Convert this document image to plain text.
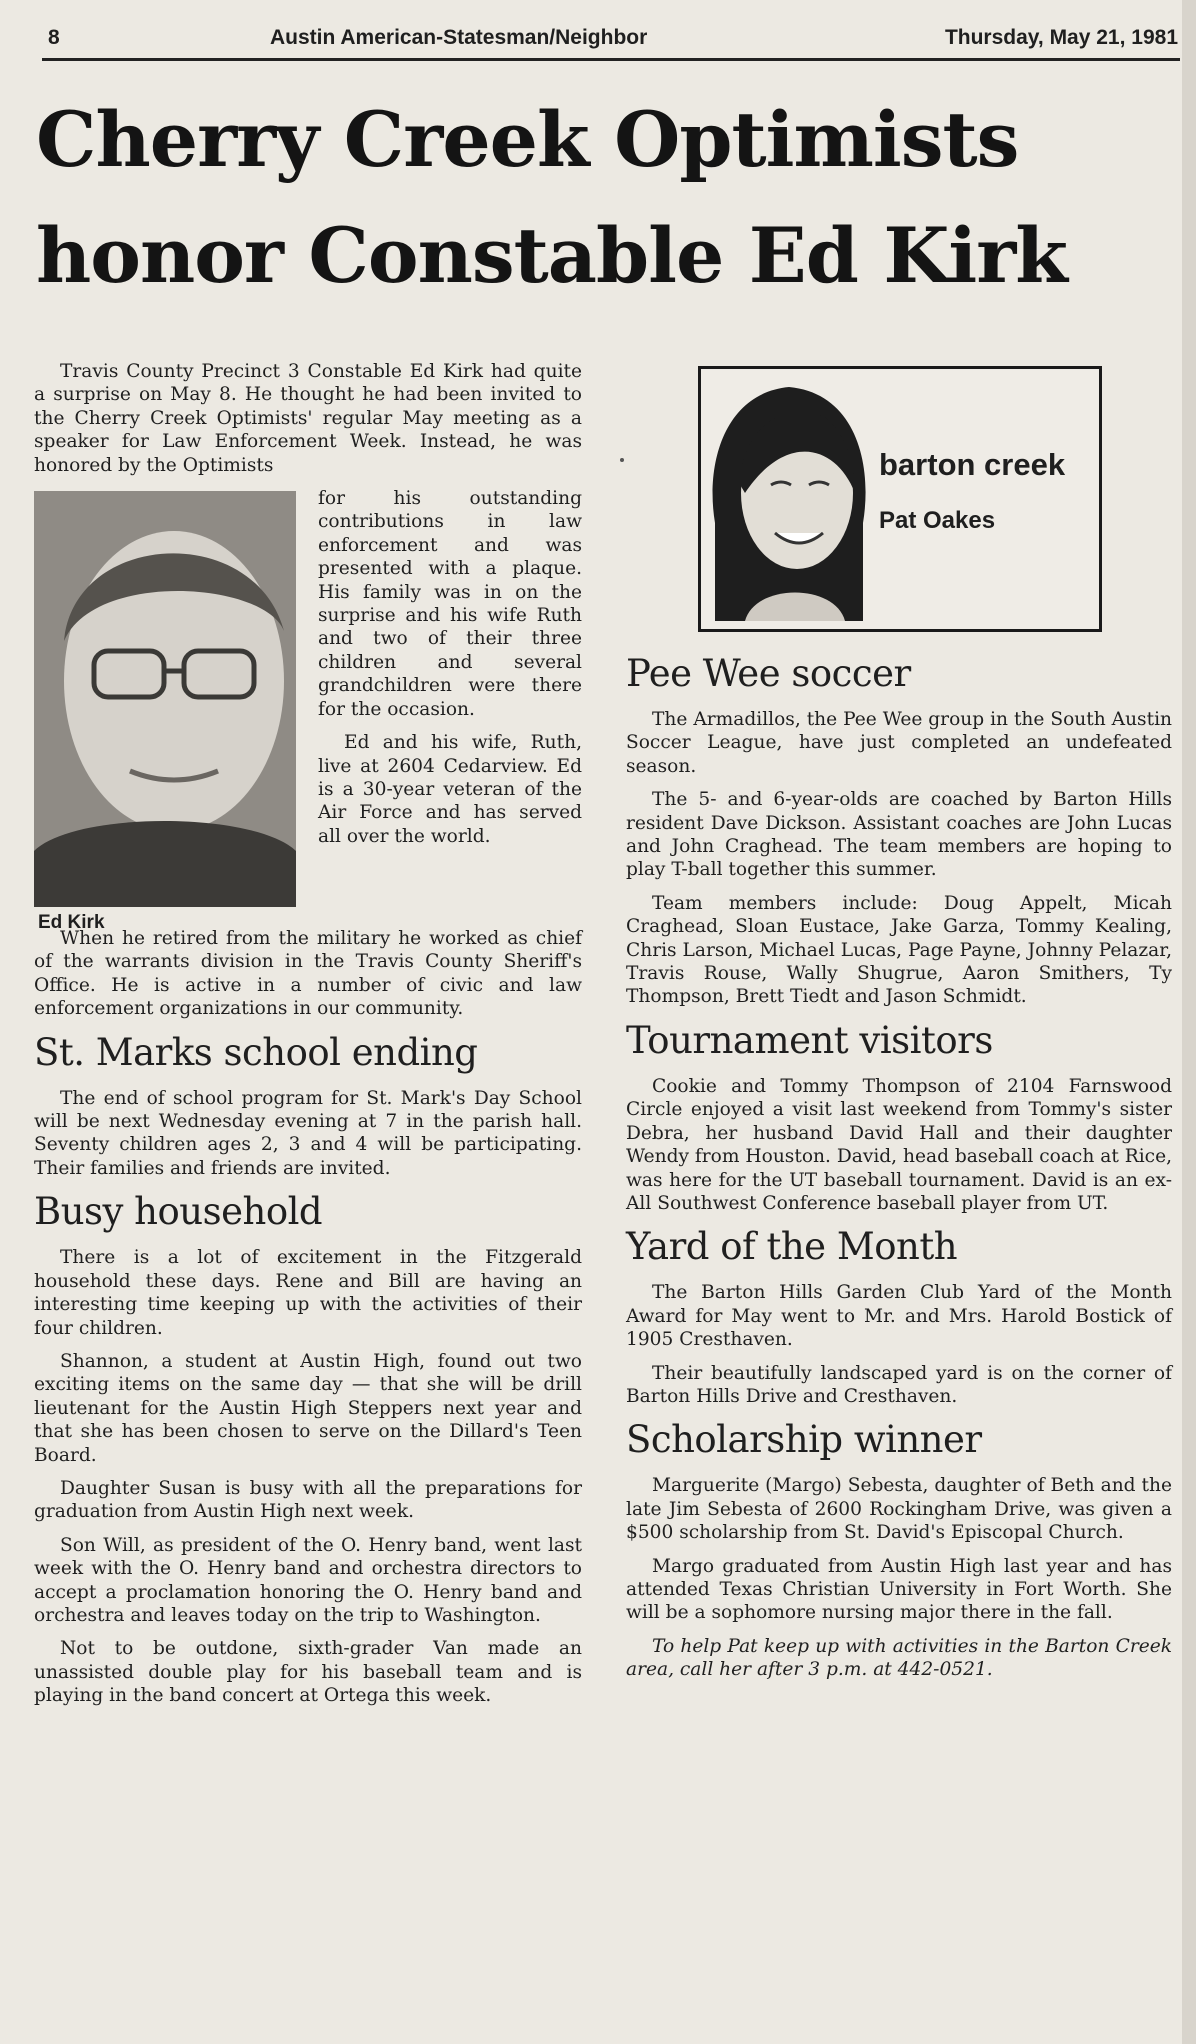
8	Austin American-Statesman/Neighbor	Thursday, May 21, 1981
Cherry Creek Optimists
honor Constable Ed Kirk
barton creek
Pat Oakes

Travis County Precinct 3 Constable Ed Kirk had quite a surprise on May 8. He thought he had been invited to the Cherry Creek Optimists' regular May meeting as a speaker for Law Enforcement Week. Instead, he was honored by the Optimists

Ed Kirk

for his outstanding contributions in law enforcement and was presented with a plaque. His family was in on the surprise and his wife Ruth and two of their three children and several grandchildren were there for the occasion.

Ed and his wife, Ruth, live at 2604 Cedarview. Ed is a 30-year veteran of the Air Force and has served all over the world.

When he retired from the military he worked as chief of the warrants division in the Travis County Sheriff's Office. He is active in a number of civic and law enforcement organizations in our community.

St. Marks school ending

The end of school program for St. Mark's Day School will be next Wednesday evening at 7 in the parish hall. Seventy children ages 2, 3 and 4 will be participating. Their families and friends are invited.

Busy household

There is a lot of excitement in the Fitzgerald household these days. Rene and Bill are having an interesting time keeping up with the activities of their four children.

Shannon, a student at Austin High, found out two exciting items on the same day — that she will be drill lieutenant for the Austin High Steppers next year and that she has been chosen to serve on the Dillard's Teen Board.

Daughter Susan is busy with all the preparations for graduation from Austin High next week.

Son Will, as president of the O. Henry band, went last week with the O. Henry band and orchestra directors to accept a proclamation honoring the O. Henry band and orchestra and leaves today on the trip to Washington.

Not to be outdone, sixth-grader Van made an unassisted double play for his baseball team and is playing in the band concert at Ortega this week.

Pee Wee soccer

The Armadillos, the Pee Wee group in the South Austin Soccer League, have just completed an undefeated season.

The 5- and 6-year-olds are coached by Barton Hills resident Dave Dickson. Assistant coaches are John Lucas and John Craghead. The team members are hoping to play T-ball together this summer.

Team members include: Doug Appelt, Micah Craghead, Sloan Eustace, Jake Garza, Tommy Kealing, Chris Larson, Michael Lucas, Page Payne, Johnny Pelazar, Travis Rouse, Wally Shugrue, Aaron Smithers, Ty Thompson, Brett Tiedt and Jason Schmidt.

Tournament visitors

Cookie and Tommy Thompson of 2104 Farnswood Circle enjoyed a visit last weekend from Tommy's sister Debra, her husband David Hall and their daughter Wendy from Houston. David, head baseball coach at Rice, was here for the UT baseball tournament. David is an ex-All Southwest Conference baseball player from UT.

Yard of the Month

The Barton Hills Garden Club Yard of the Month Award for May went to Mr. and Mrs. Harold Bostick of 1905 Cresthaven.

Their beautifully landscaped yard is on the corner of Barton Hills Drive and Cresthaven.

Scholarship winner

Marguerite (Margo) Sebesta, daughter of Beth and the late Jim Sebesta of 2600 Rockingham Drive, was given a $500 scholarship from St. David's Episcopal Church.

Margo graduated from Austin High last year and has attended Texas Christian University in Fort Worth. She will be a sophomore nursing major there in the fall.

To help Pat keep up with activities in the Barton Creek area, call her after 3 p.m. at 442-0521.
